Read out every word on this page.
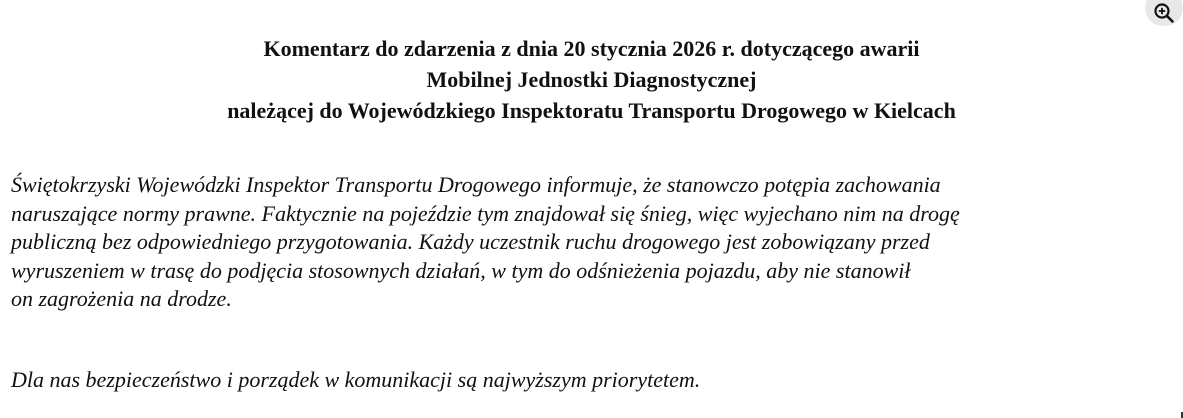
Komentarz do zdarzenia z dnia 20 stycznia 2026 r. dotyczącego awarii
Mobilnej Jednostki Diagnostycznej
należącej do Wojewódzkiego Inspektoratu Transportu Drogowego w Kielcach

Świętokrzyski Wojewódzki Inspektor Transportu Drogowego informuje, że stanowczo potępia zachowania
naruszające normy prawne. Faktycznie na pojeździe tym znajdował się śnieg, więc wyjechano nim na drogę
publiczną bez odpowiedniego przygotowania. Każdy uczestnik ruchu drogowego jest zobowiązany przed
wyruszeniem w trasę do podjęcia stosownych działań, w tym do odśnieżenia pojazdu, aby nie stanowił
on zagrożenia na drodze.

Dla nas bezpieczeństwo i porządek w komunikacji są najwyższym priorytetem.
